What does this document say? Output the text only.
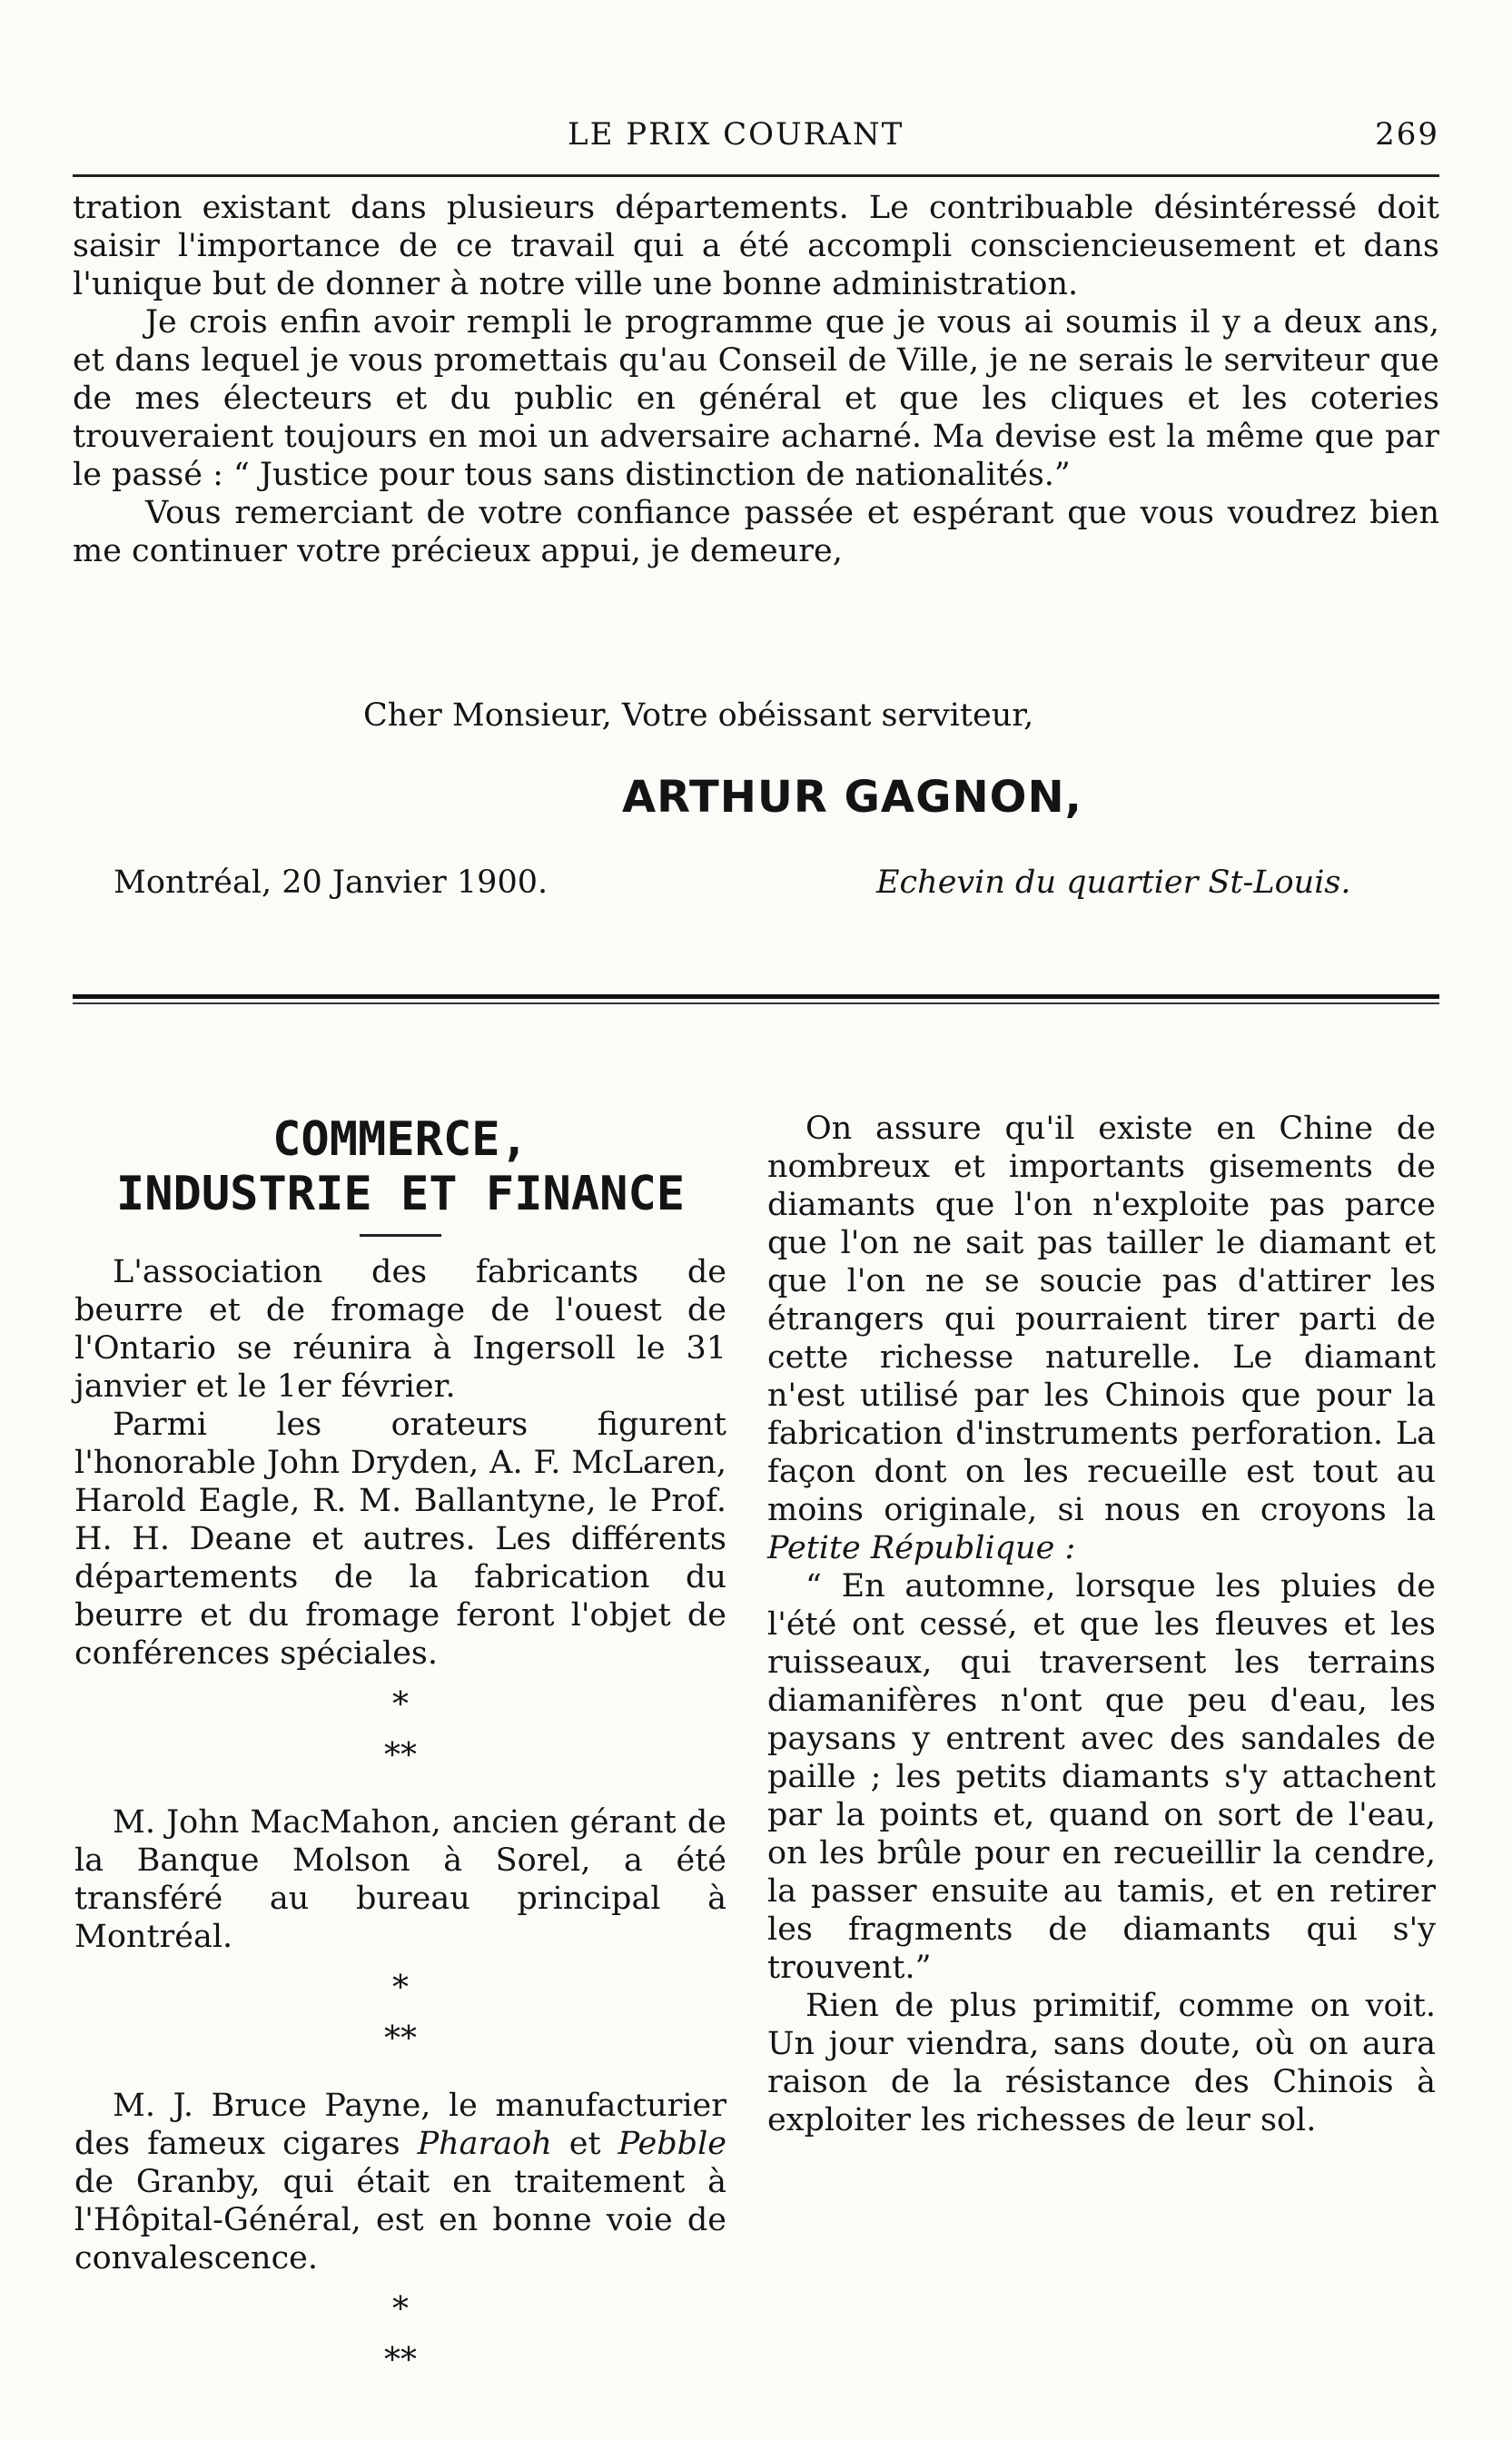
LE PRIX COURANT	269

tration existant dans plusieurs départements. Le contribuable désintéressé doit saisir l'importance de ce travail qui a été accompli consciencieusement et dans l'unique but de donner à notre ville une bonne administration.

Je crois enfin avoir rempli le programme que je vous ai soumis il y a deux ans, et dans lequel je vous promettais qu'au Conseil de Ville, je ne serais le serviteur que de mes électeurs et du public en général et que les cliques et les coteries trouveraient toujours en moi un adversaire acharné. Ma devise est la même que par le passé : “ Justice pour tous sans distinction de nationalités.”

Vous remerciant de votre confiance passée et espérant que vous voudrez bien me continuer votre précieux appui, je demeure,

Cher Monsieur, Votre obéissant serviteur,
ARTHUR GAGNON,
Montréal, 20 Janvier 1900.	Echevin du quartier St-Louis.
COMMERCE,
INDUSTRIE ET FINANCE

L'association des fabricants de beurre et de fromage de l'ouest de l'Ontario se réunira à Ingersoll le 31 janvier et le 1er février.

Parmi les orateurs figurent l'honorable John Dryden, A. F. McLaren, Harold Eagle, R. M. Ballantyne, le Prof. H. H. Deane et autres. Les différents départements de la fabrication du beurre et du fromage feront l'objet de conférences spéciales.

*
**

M. John MacMahon, ancien gérant de la Banque Molson à Sorel, a été transféré au bureau principal à Montréal.

*
**

M. J. Bruce Payne, le manufacturier des fameux cigares Pharaoh et Pebble de Granby, qui était en traitement à l'Hôpital-Général, est en bonne voie de convalescence.

*
**

On assure qu'il existe en Chine de nombreux et importants gisements de diamants que l'on n'exploite pas parce que l'on ne sait pas tailler le diamant et que l'on ne se soucie pas d'attirer les étrangers qui pourraient tirer parti de cette richesse naturelle. Le diamant n'est utilisé par les Chinois que pour la fabrication d'instruments perforation. La façon dont on les recueille est tout au moins originale, si nous en croyons la Petite République :

“ En automne, lorsque les pluies de l'été ont cessé, et que les fleuves et les ruisseaux, qui traversent les terrains diamanifères n'ont que peu d'eau, les paysans y entrent avec des sandales de paille ; les petits diamants s'y attachent par la points et, quand on sort de l'eau, on les brûle pour en recueillir la cendre, la passer ensuite au tamis, et en retirer les fragments de diamants qui s'y trouvent.”

Rien de plus primitif, comme on voit. Un jour viendra, sans doute, où on aura raison de la résistance des Chinois à exploiter les richesses de leur sol.
